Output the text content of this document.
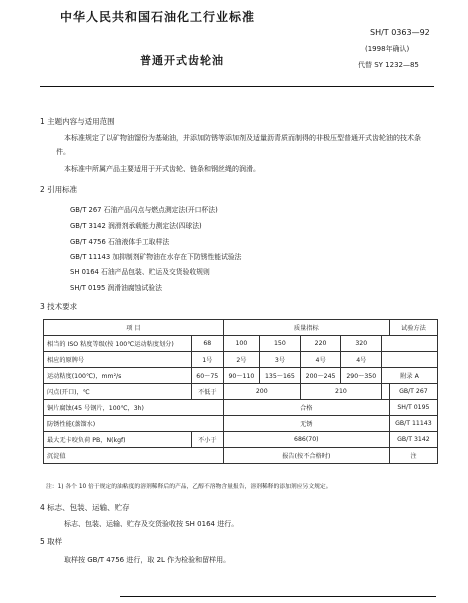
中华人民共和国石油化工行业标准
SH/T 0363—92
(1998年确认)
代替 SY 1232—85
普通开式齿轮油
1 主题内容与适用范围
本标准规定了以矿物油馏份为基础油，并添加防锈等添加剂及适量沥青质而制得的非极压型普通开式齿轮油的技术条件。
本标准中所属产品主要适用于开式齿轮、链条和钢丝绳的润滑。
2 引用标准
GB/T 267 石油产品闪点与燃点测定法(开口杯法)
GB/T 3142 润滑剂承载能力测定法(四球法)
GB/T 4756 石油液体手工取样法
GB/T 11143 加抑制剂矿物油在水存在下防锈性能试验法
SH 0164 石油产品包装、贮运及交货验收规则
SH/T 0195 润滑油腐蚀试验法
3 技术要求
项 目		质量指标					试验方法
相当的 ISO 粘度等级(按 100℃运动粘度划分)	68	100	150	220	320		
相应的原牌号	1号	2号	3号	4号	4号		
运动粘度(100℃)，mm²/s	60～75	90～110	135～165	200～245	290～350	附录 A	
闪点(开口)，℃	不低于	200		210			GB/T 267
铜片腐蚀(45 号钢片，100℃，3h)		合格					SH/T 0195
防锈性能(蒸馏水)		无锈					GB/T 11143
最大无卡咬负荷 PB，N(kgf)	不小于	686(70)					GB/T 3142
沉淀值		报告(按不合格时)					注
注：1) 各个 10 倍于规定的油粘度的溶剂稀释后的产品，乙醇不溶物含量报告，溶剂稀释的添加剂应另文规定。
4 标志、包装、运输、贮存
标志、包装、运输、贮存及交货验收按 SH 0164 进行。
5 取样
取样按 GB/T 4756 进行，取 2L 作为检验和留样用。
